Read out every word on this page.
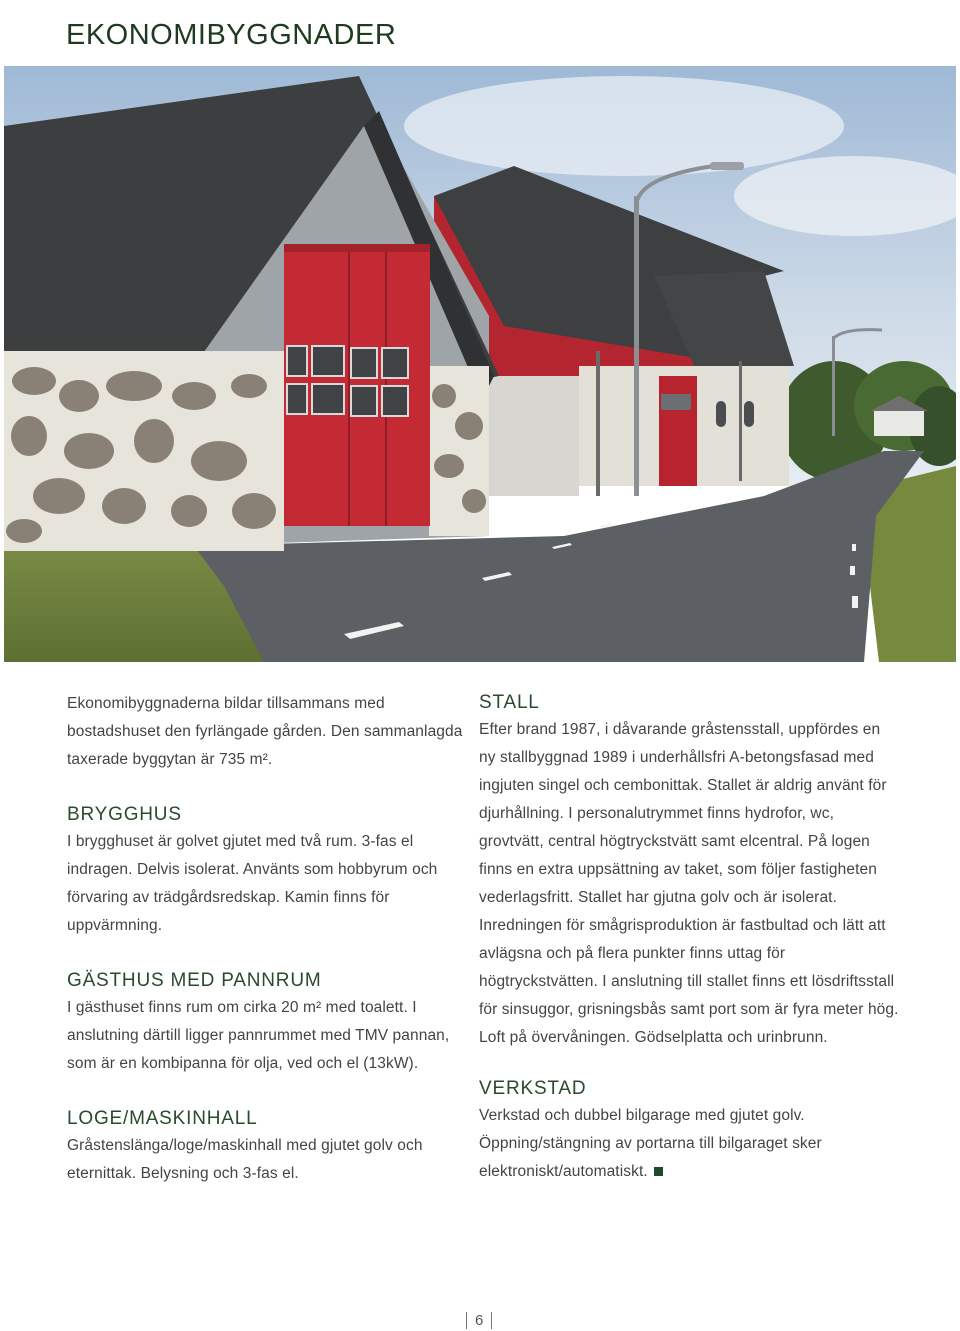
EKONOMIBYGGNADER

Ekonomibyggnaderna bildar tillsammans med bostadshuset den fyrlängade gården. Den sammanlagda taxerade byggytan är 735 m².

BRYGGHUS

I brygghuset är golvet gjutet med två rum. 3-fas el indragen. Delvis isolerat. Använts som hobbyrum och förvaring av trädgårdsredskap. Kamin finns för uppvärmning.

GÄSTHUS MED PANNRUM

I gästhuset finns rum om cirka 20 m² med toalett. I anslutning därtill ligger pannrummet med TMV pannan, som är en kombipanna för olja, ved och el (13kW).

LOGE/MASKINHALL

Gråstenslänga/loge/maskinhall med gjutet golv och eternittak. Belysning och 3-fas el.

STALL

Efter brand 1987, i dåvarande gråstensstall, uppfördes en ny stallbyggnad 1989 i underhållsfri A-betongsfasad med ingjuten singel och cembonittak. Stallet är aldrig använt för djurhållning. I personalutrymmet finns hydrofor, wc, grovtvätt, central högtryckstvätt samt elcentral. På logen finns en extra uppsättning av taket, som följer fastigheten vederlagsfritt. Stallet har gjutna golv och är isolerat. Inredningen för smågrisproduktion är fastbultad och lätt att avlägsna och på flera punkter finns uttag för högtryckstvätten. I anslutning till stallet finns ett lösdriftsstall för sinsuggor, grisningsbås samt port som är fyra meter hög. Loft på övervåningen. Gödselplatta och urinbrunn.

VERKSTAD

Verkstad och dubbel bilgarage med gjutet golv. Öppning/stängning av portarna till bilgaraget sker elektroniskt/automatiskt.

6
